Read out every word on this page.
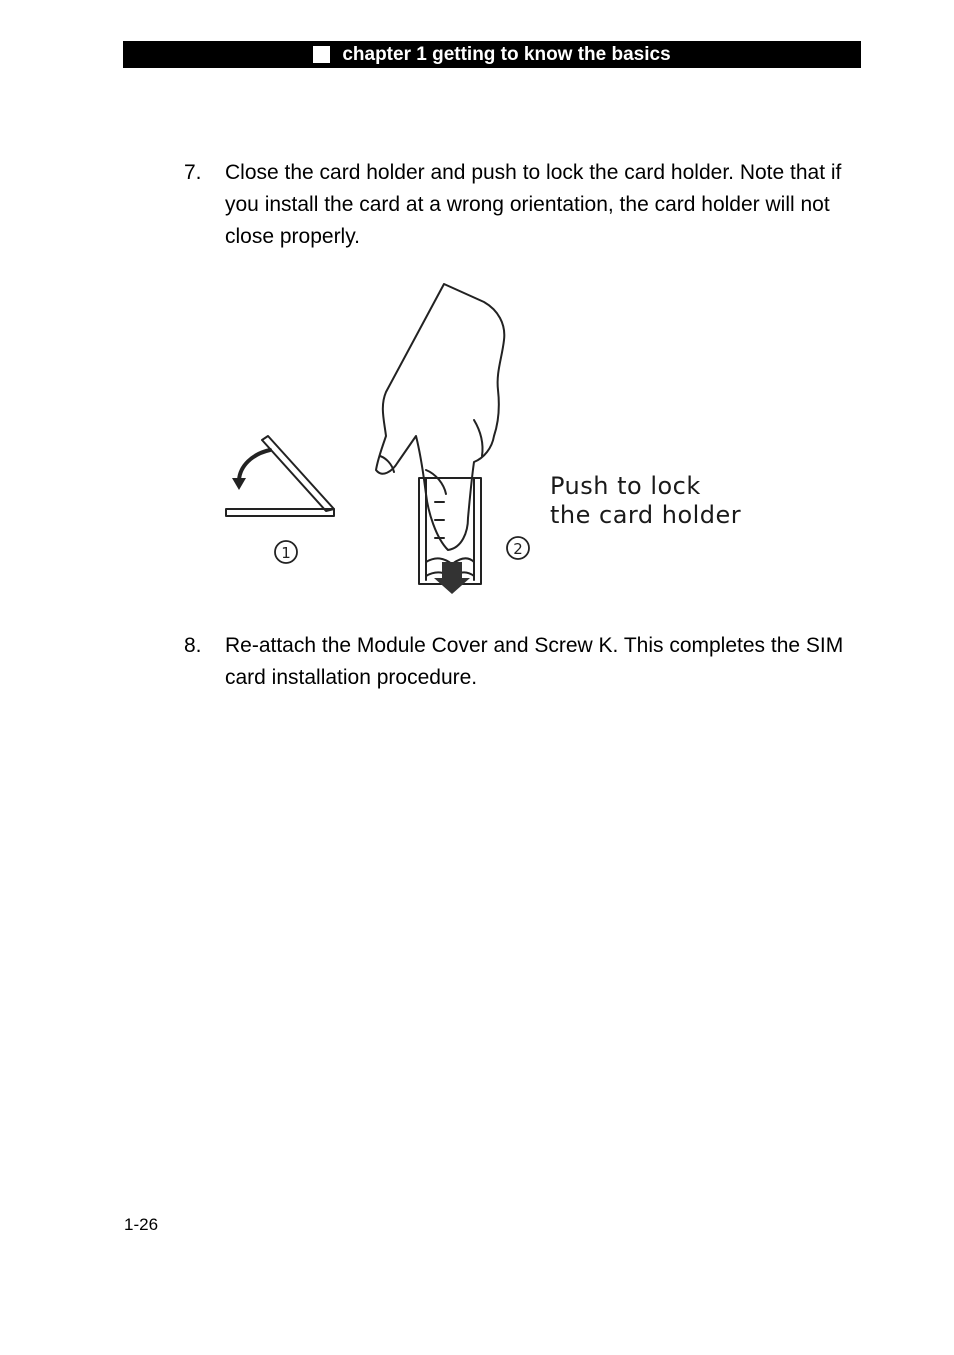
chapter 1 getting to know the basics
7. Close the card holder and push to lock the card holder. Note that if you install the card at a wrong orientation, the card holder will not close properly.
1	2
Push to lock
the card holder
8. Re-attach the Module Cover and Screw K. This completes the SIM card installation procedure.
1-26
